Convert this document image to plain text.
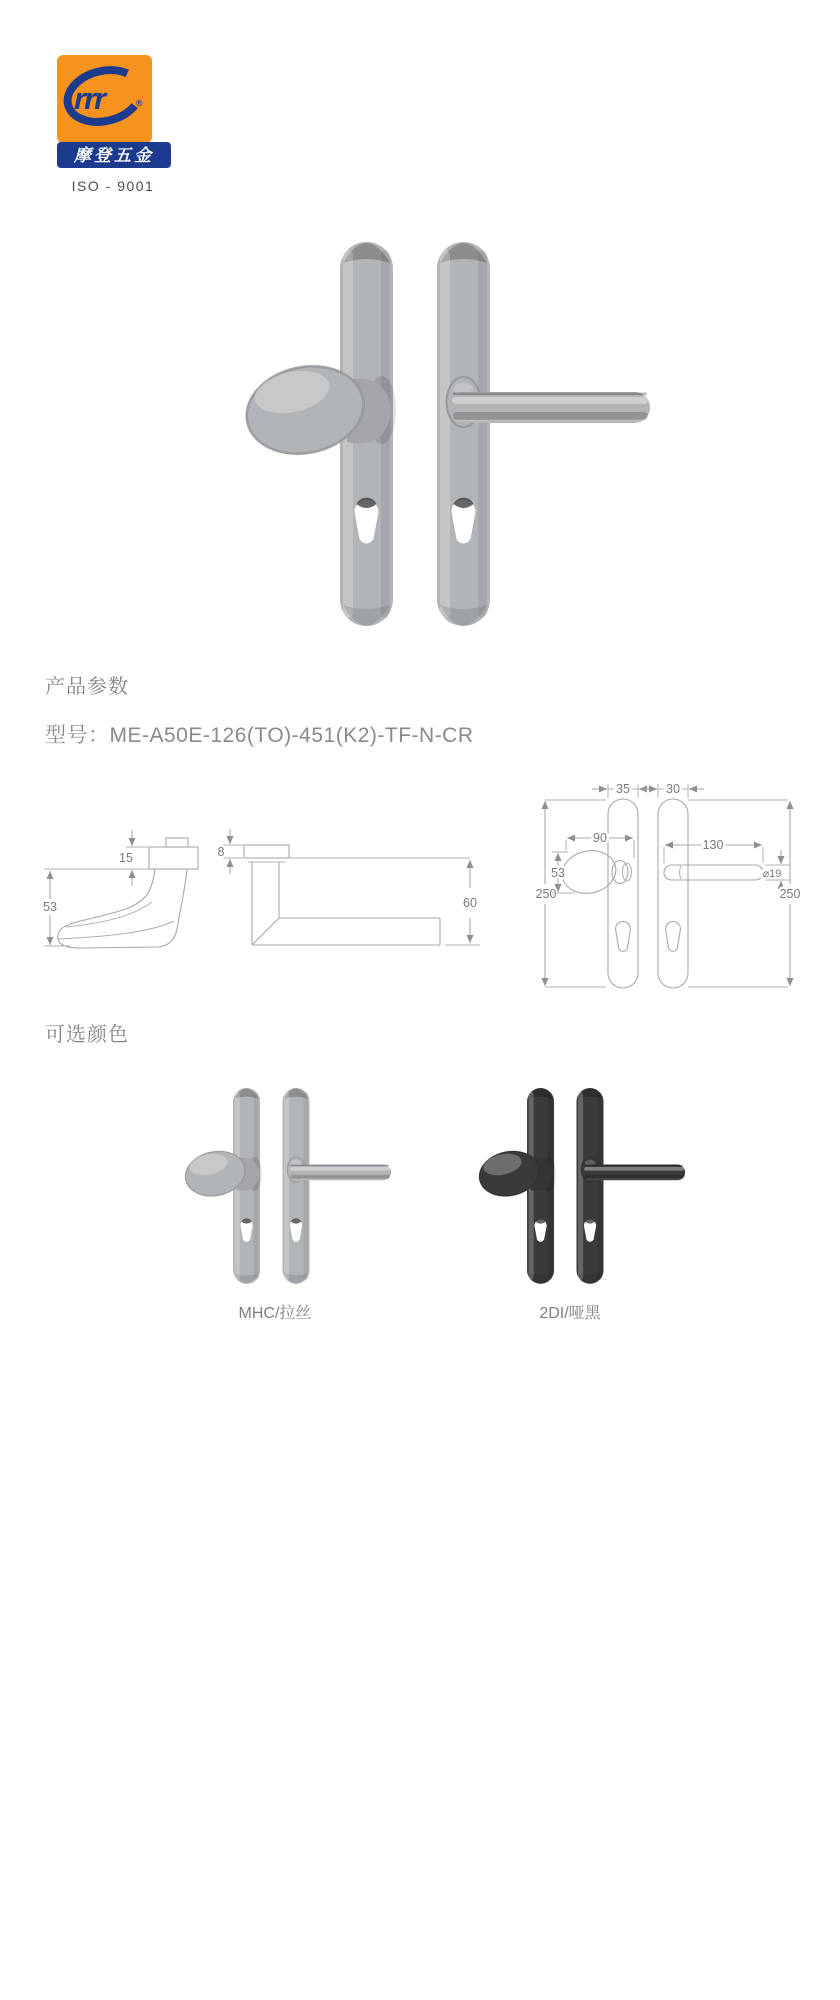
rrr	®
摩登五金
ISO - 9001
产品参数
型号：ME-A50E-126(TO)-451(K2)-TF-N-CR
15
53
8
60
35	30
250
90
53
130
⌀19
250
可选颜色
MHC/拉丝	2DI/哑黑
